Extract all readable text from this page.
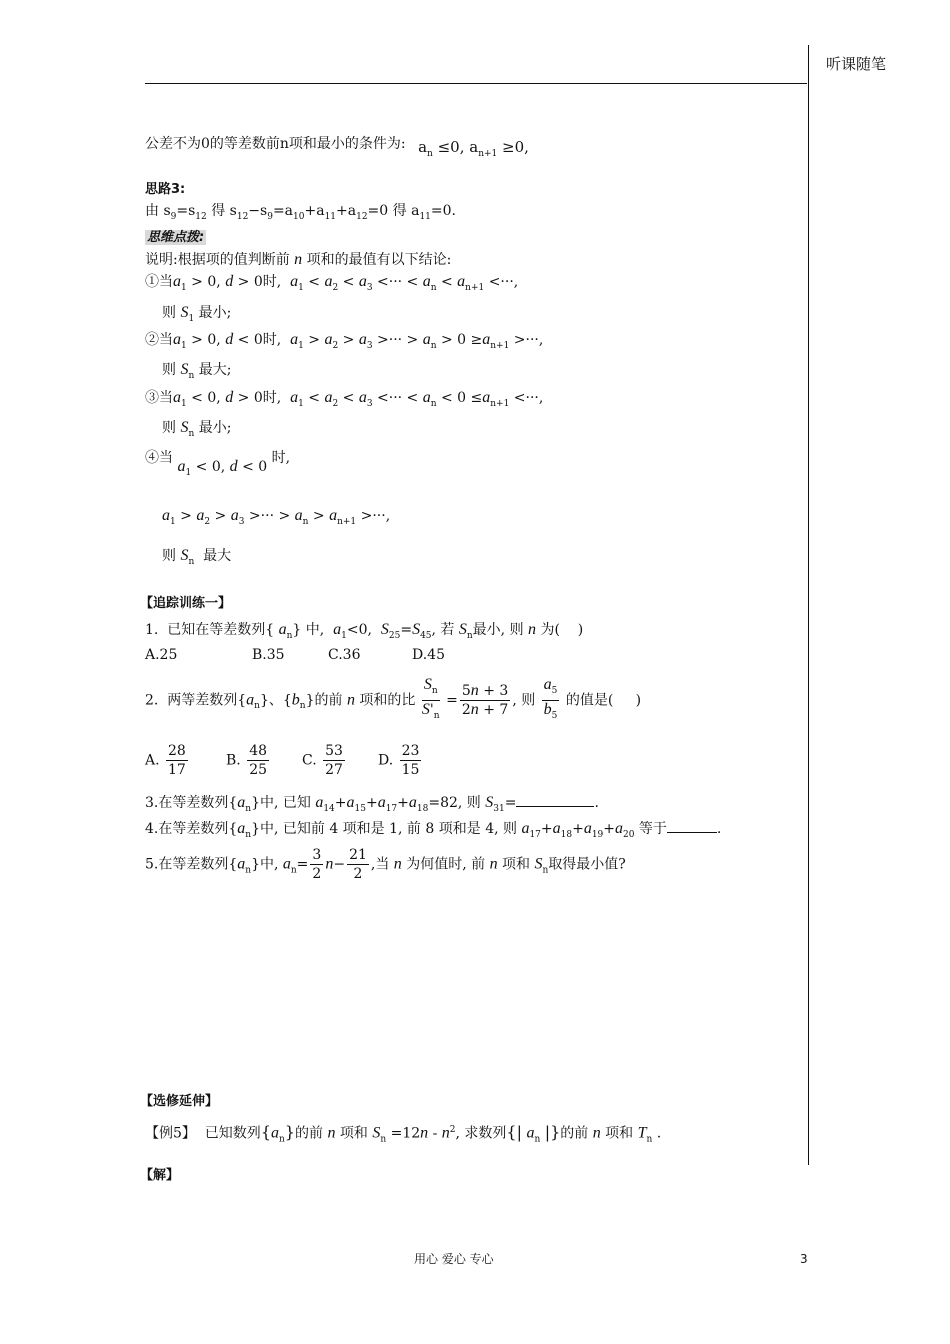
听课随笔
公差不为0的等差数前n项和最小的条件为: $a_n \le 0$, $a_{n+1} \ge 0$,
思路3:
由 $s_9=s_{12}$ 得 $s_{12}-s_9=a_{10}+a_{11}+a_{12}=0$ 得 $a_{11}=0$.
思维点拨:
说明:根据项的值判断前 n 项和的最值有以下结论:
①当$a_1 > 0$, d > 0时,  $a_1 < a_2 < a_3$ <··· < $a_n < a_{n+1}$ <···,
则 $S_1$ 最小;
②当$a_1 > 0$, d < 0时,  $a_1 > a_2 > a_3$ >··· > $a_n > 0 \ge a_{n+1}$ >···,
则 $S_n$ 最大;
③当$a_1 < 0$, d > 0时,  $a_1 < a_2 < a_3$ <··· < $a_n < 0 \le a_{n+1}$ <···,
则 $S_n$ 最小;
④当 $a_1 < 0$, d < 0 时,
$a_1 > a_2 > a_3$ >··· > $a_n > a_{n+1}$ >···,
则 $S_n$  最大
【追踪训练一】
1.  已知在等差数列{ $a_n$} 中,  $a_1<0$,  $S_{25}=S_{45}$, 若 $S_n$最小, 则 n 为(    )
A.25	B.35	C.36	D.45
2.  两等差数列$\{a_n\}$、$\{b_n\}$的前 n 项和的比 $\frac{S_n}{S'_n} = \frac{5n + 3}{2n + 7}$ , 则 $\frac{a_5}{b_5}$ 的值是(     )
A. $\frac{28}{17}$	B. $\frac{48}{25} C$. $\frac{53}{27} D$. $\frac{23}{15}$
3.在等差数列$\{a_n\}$中, 已知 $a_{14}+a_{15}+a_{17}+a_{18}=82$, 则 $S_{31}=$	.
4.在等差数列$\{a_n\}$中, 已知前 4 项和是 1, 前 8 项和是 4, 则 $a_{17}+a_{18}+a_{19}+a_{20}$ 等于	.
5.在等差数列$\{a_n\}$中, $a_n= \frac{3}{2} n- \frac{21}{2}$ ,当 n 为何值时, 前 n 项和 $S_n$取得最小值?
【选修延伸】
【例5】  已知数列$\{a_n\}$的前 n 项和 $S_n =12n - n^2$, 求数列{| $a_n$ |}的前 n 项和 $T_n$ .
【解】
用心 爱心 专心	3
